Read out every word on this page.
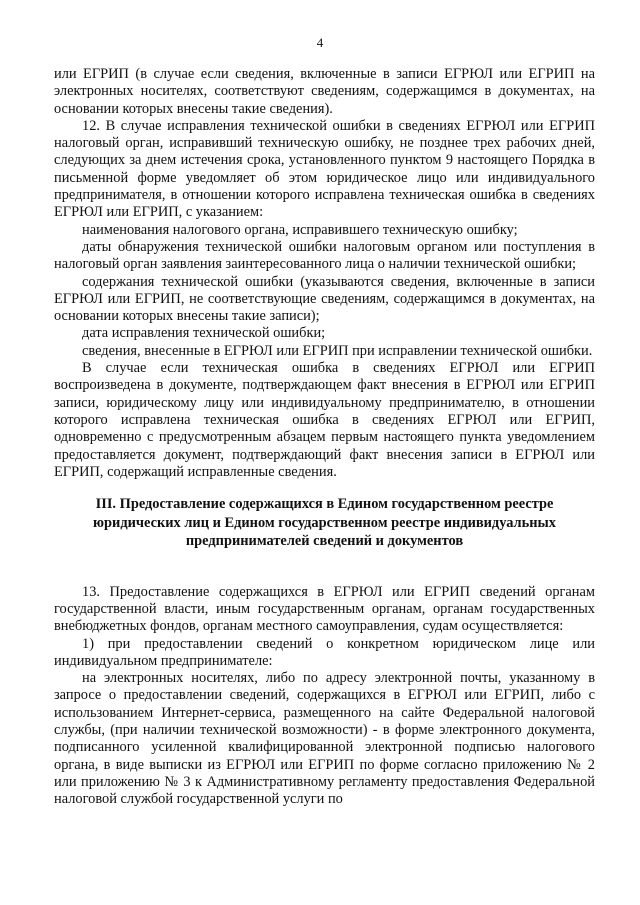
4

или ЕГРИП (в случае если сведения, включенные в записи ЕГРЮЛ или ЕГРИП на электронных носителях, соответствуют сведениям, содержащимся в документах, на основании которых внесены такие сведения).

12. В случае исправления технической ошибки в сведениях ЕГРЮЛ или ЕГРИП налоговый орган, исправивший техническую ошибку, не позднее трех рабочих дней, следующих за днем истечения срока, установленного пунктом 9 настоящего Порядка в письменной форме уведомляет об этом юридическое лицо или индивидуального предпринимателя, в отношении которого исправлена техническая ошибка в сведениях ЕГРЮЛ или ЕГРИП, с указанием:

наименования налогового органа, исправившего техническую ошибку;

даты обнаружения технической ошибки налоговым органом или поступления в налоговый орган заявления заинтересованного лица о наличии технической ошибки;

содержания технической ошибки (указываются сведения, включенные в записи ЕГРЮЛ или ЕГРИП, не соответствующие сведениям, содержащимся в документах, на основании которых внесены такие записи);

дата исправления технической ошибки;

сведения, внесенные в ЕГРЮЛ или ЕГРИП при исправлении технической ошибки.

В случае если техническая ошибка в сведениях ЕГРЮЛ или ЕГРИП воспроизведена в документе, подтверждающем факт внесения в ЕГРЮЛ или ЕГРИП записи, юридическому лицу или индивидуальному предпринимателю, в отношении которого исправлена техническая ошибка в сведениях ЕГРЮЛ или ЕГРИП, одновременно с предусмотренным абзацем первым настоящего пункта уведомлением предоставляется документ, подтверждающий факт внесения записи в ЕГРЮЛ или ЕГРИП, содержащий исправленные сведения.

III. Предоставление содержащихся в Едином государственном реестре юридических лиц и Едином государственном реестре индивидуальных предпринимателей сведений и документов

13. Предоставление содержащихся в ЕГРЮЛ или ЕГРИП сведений органам государственной власти, иным государственным органам, органам государственных внебюджетных фондов, органам местного самоуправления, судам осуществляется:

1) при предоставлении сведений о конкретном юридическом лице или индивидуальном предпринимателе:

на электронных носителях, либо по адресу электронной почты, указанному в запросе о предоставлении сведений, содержащихся в ЕГРЮЛ или ЕГРИП, либо с использованием Интернет-сервиса, размещенного на сайте Федеральной налоговой службы, (при наличии технической возможности) - в форме электронного документа, подписанного усиленной квалифицированной электронной подписью налогового органа, в виде выписки из ЕГРЮЛ или ЕГРИП по форме согласно приложению № 2 или приложению № 3 к Административному регламенту предоставления Федеральной налоговой службой государственной услуги по
